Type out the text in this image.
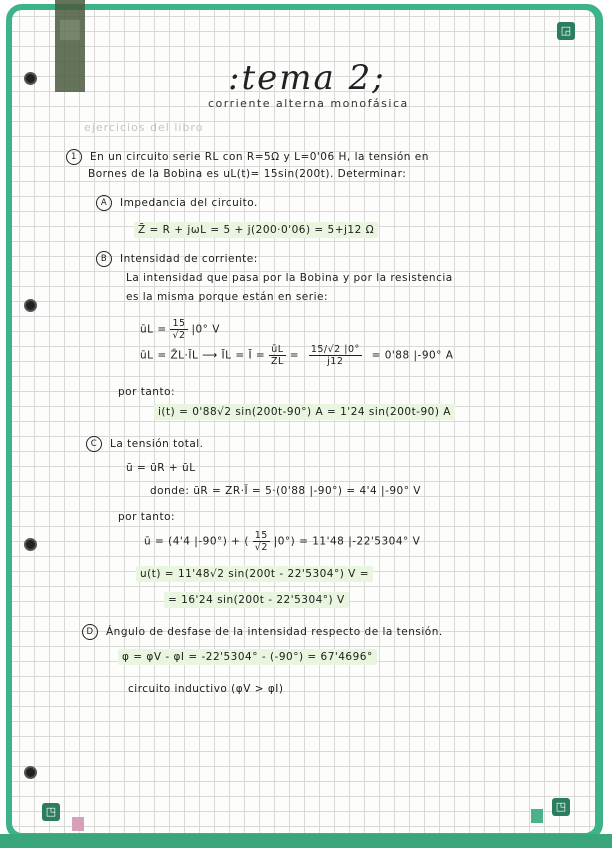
◲
◳	◳
:tema 2;
corriente alterna monofásica
ejercicios del libro
1 En un circuito serie RL con R=5Ω y L=0'06 H, la tensión en
Bornes de la Bobina es uL(t)= 15sin(200t). Determinar:
A Impedancia del circuito.
Z̄ = R + jωL = 5 + j(200·0'06) = 5+j12 Ω
B Intensidad de corriente:
La intensidad que pasa por la Bobina y por la resistencia
es la misma porque están en serie:
ūL = $\frac{15}{√2} |0^\circ$ V
ūL = Z̄L·ĪL ⟶ ĪL = Ī = $\frac{ūL}{Z̄L} = \frac{15/√2 |0^\circ}{j12} = 0'88$ |-90° A
por tanto:
i(t) = 0'88√2 sin(200t-90°) A = 1'24 sin(200t-90) A
C La tensión total.
ū = ūR + ūL
donde: ūR = ZR·Ī = 5·(0'88 |-90°) = 4'4 |-90° V
por tanto:
ū = (4'4 |-90°) + ( $\frac{15}{√2} |0^\circ) = 11'48$ |-22'5304° V
u(t) = 11'48√2 sin(200t - 22'5304°) V =
= 16'24 sin(200t - 22'5304°) V
D Ángulo de desfase de la intensidad respecto de la tensión.
φ = φV - φI = -22'5304° - (-90°) = 67'4696°
circuito inductivo (φV > φI)
